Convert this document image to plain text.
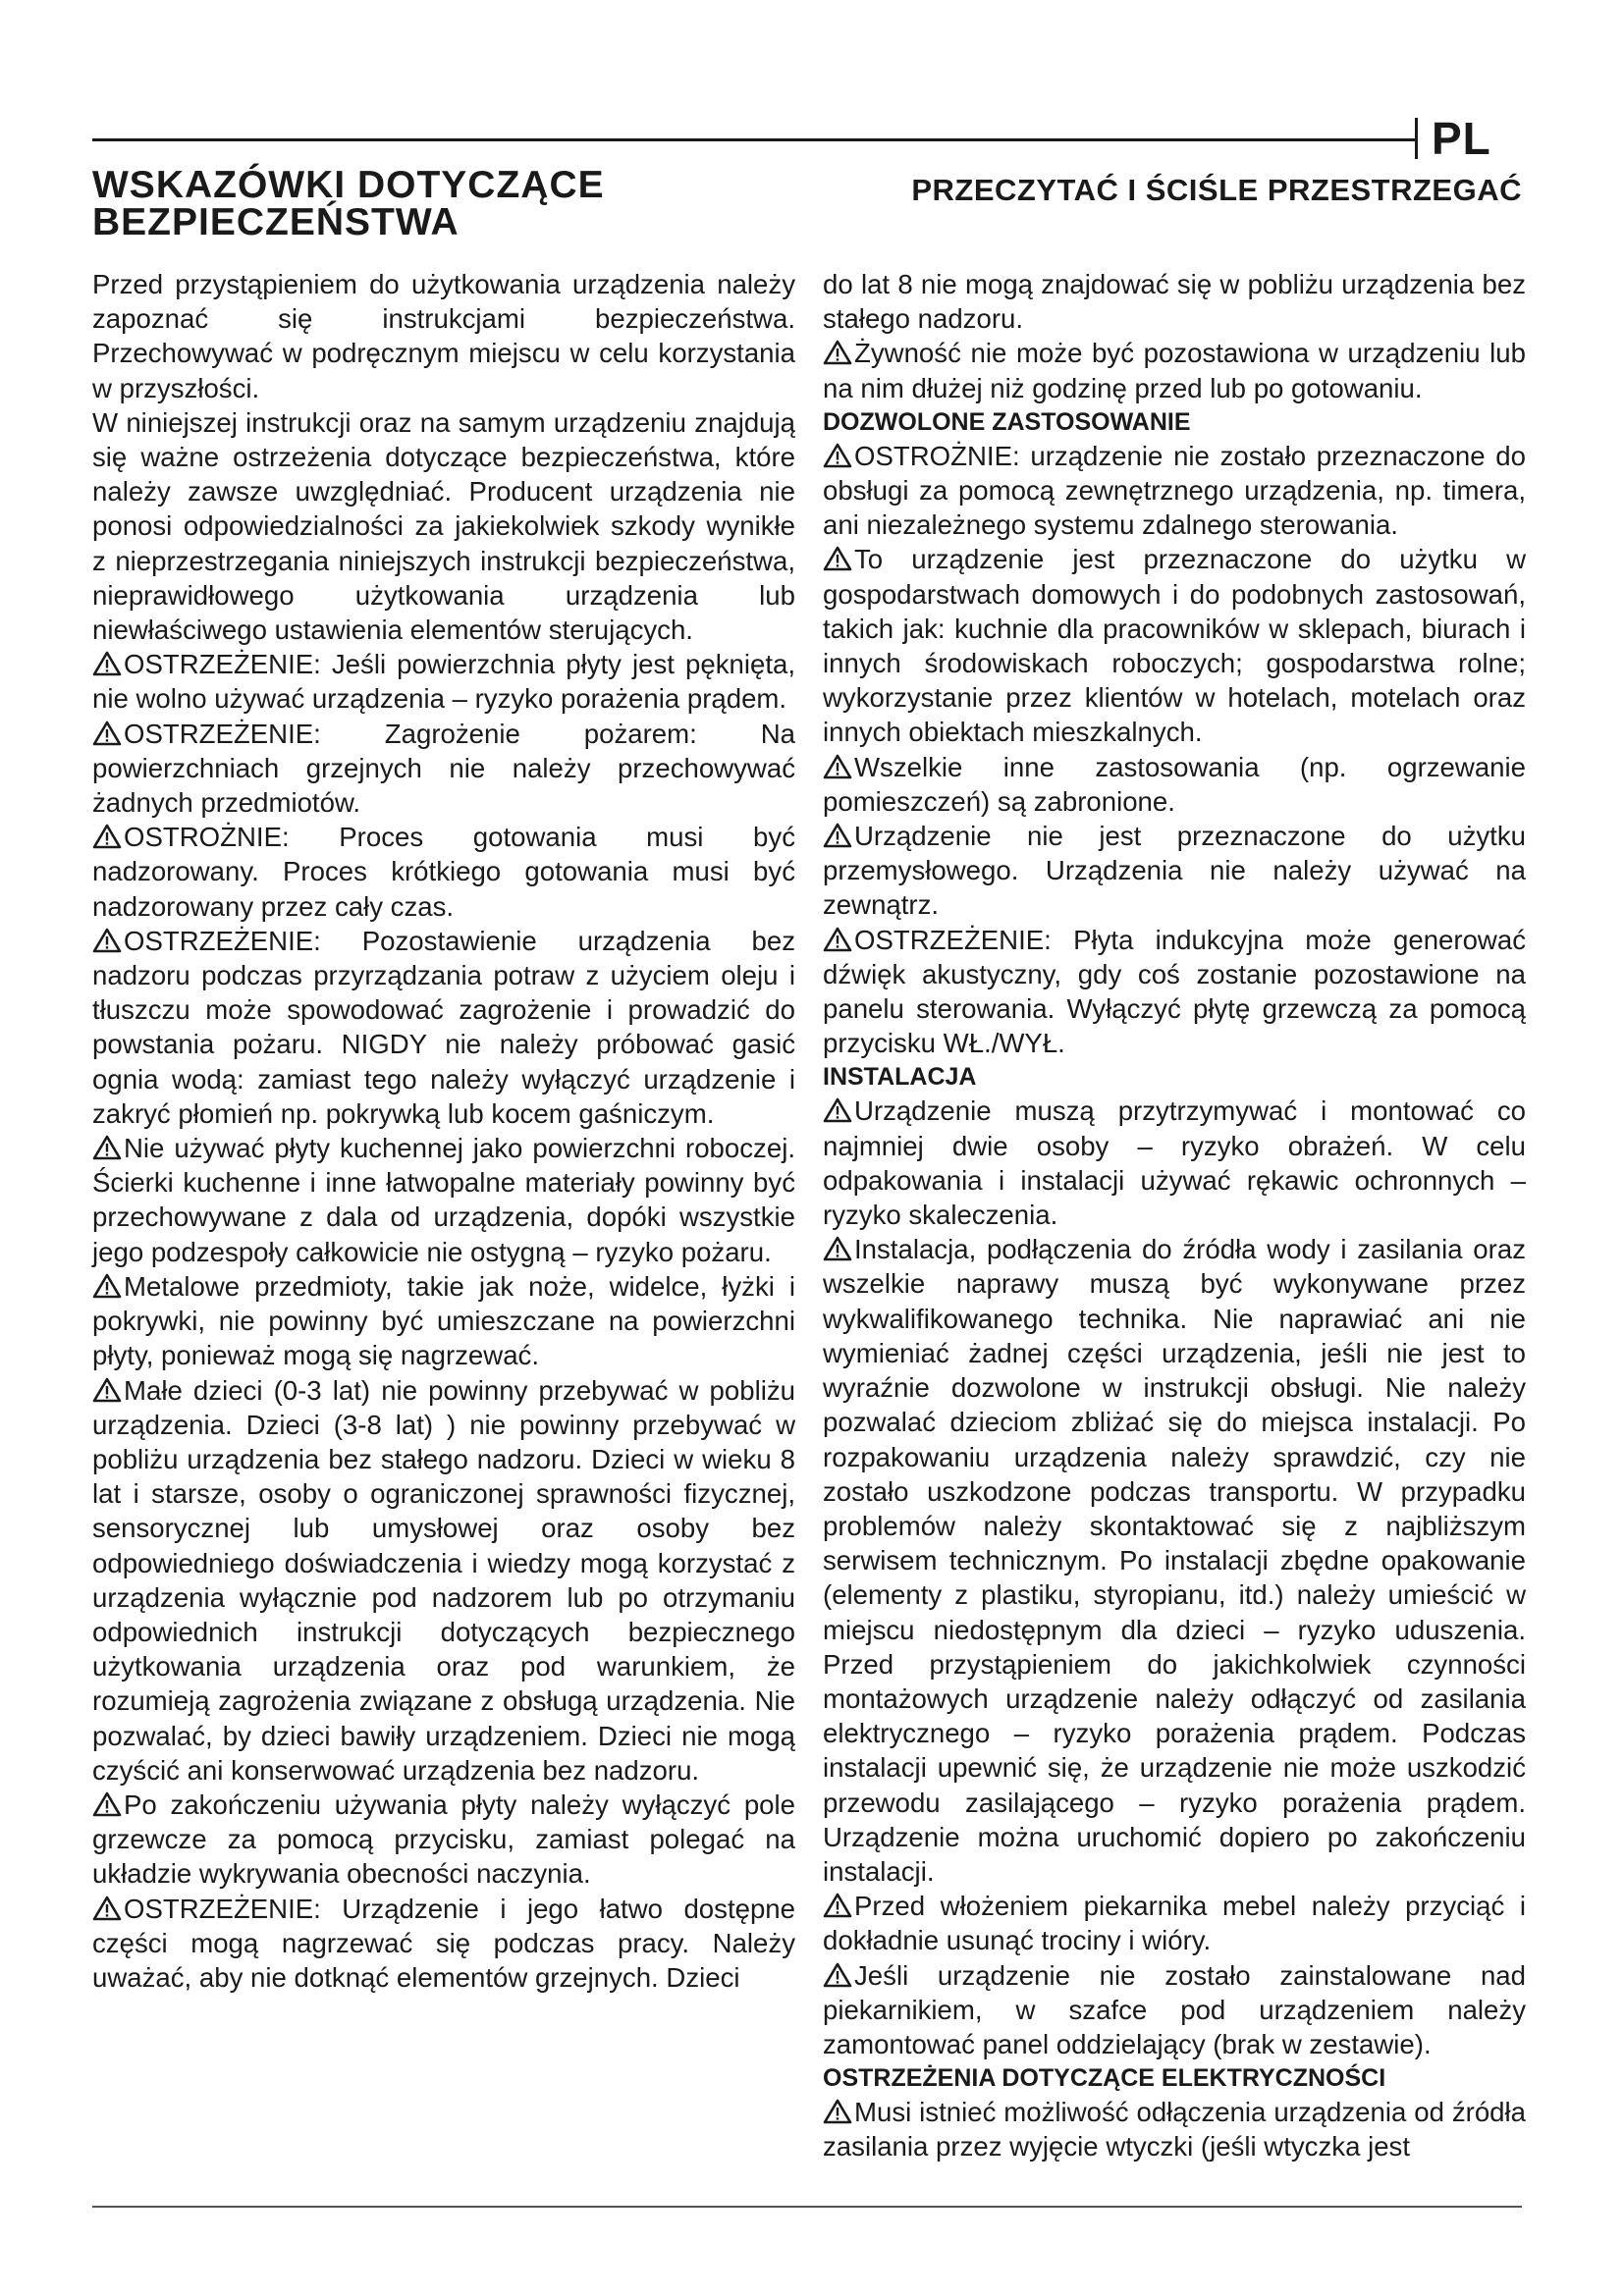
PL
WSKAZÓWKI DOTYCZĄCE BEZPIECZEŃSTWA
PRZECZYTAĆ I ŚCIŚLE PRZESTRZEGAĆ

Przed przystąpieniem do użytkowania urządzenia należy zapoznać się instrukcjami bezpieczeństwa. Przechowywać w podręcznym miejscu w celu korzystania w przyszłości.

W niniejszej instrukcji oraz na samym urządzeniu znajdują się ważne ostrzeżenia dotyczące bezpieczeństwa, które należy zawsze uwzględniać. Producent urządzenia nie ponosi odpowiedzialności za jakiekolwiek szkody wynikłe z nieprzestrzegania niniejszych instrukcji bezpieczeństwa, nieprawidłowego użytkowania urządzenia lub niewłaściwego ustawienia elementów sterujących.

OSTRZEŻENIE: Jeśli powierzchnia płyty jest pęknięta, nie wolno używać urządzenia – ryzyko porażenia prądem.

OSTRZEŻENIE: Zagrożenie pożarem: Na powierzchniach grzejnych nie należy przechowywać żadnych przedmiotów.

OSTROŻNIE: Proces gotowania musi być nadzorowany. Proces krótkiego gotowania musi być nadzorowany przez cały czas.

OSTRZEŻENIE: Pozostawienie urządzenia bez nadzoru podczas przyrządzania potraw z użyciem oleju i tłuszczu może spowodować zagrożenie i prowadzić do powstania pożaru. NIGDY nie należy próbować gasić ognia wodą: zamiast tego należy wyłączyć urządzenie i zakryć płomień np. pokrywką lub kocem gaśniczym.

Nie używać płyty kuchennej jako powierzchni roboczej. Ścierki kuchenne i inne łatwopalne materiały powinny być przechowywane z dala od urządzenia, dopóki wszystkie jego podzespoły całkowicie nie ostygną – ryzyko pożaru.

Metalowe przedmioty, takie jak noże, widelce, łyżki i pokrywki, nie powinny być umieszczane na powierzchni płyty, ponieważ mogą się nagrzewać.

Małe dzieci (0-3 lat) nie powinny przebywać w pobliżu urządzenia. Dzieci (3-8 lat) ) nie powinny przebywać w pobliżu urządzenia bez stałego nadzoru. Dzieci w wieku 8 lat i starsze, osoby o ograniczonej sprawności fizycznej, sensorycznej lub umysłowej oraz osoby bez odpowiedniego doświadczenia i wiedzy mogą korzystać z urządzenia wyłącznie pod nadzorem lub po otrzymaniu odpowiednich instrukcji dotyczących bezpiecznego użytkowania urządzenia oraz pod warunkiem, że rozumieją zagrożenia związane z obsługą urządzenia. Nie pozwalać, by dzieci bawiły urządzeniem. Dzieci nie mogą czyścić ani konserwować urządzenia bez nadzoru.

Po zakończeniu używania płyty należy wyłączyć pole grzewcze za pomocą przycisku, zamiast polegać na układzie wykrywania obecności naczynia.

OSTRZEŻENIE: Urządzenie i jego łatwo dostępne części mogą nagrzewać się podczas pracy. Należy uważać, aby nie dotknąć elementów grzejnych. Dzieci

do lat 8 nie mogą znajdować się w pobliżu urządzenia bez stałego nadzoru.

Żywność nie może być pozostawiona w urządzeniu lub na nim dłużej niż godzinę przed lub po gotowaniu.

DOZWOLONE ZASTOSOWANIE

OSTROŻNIE: urządzenie nie zostało przeznaczone do obsługi za pomocą zewnętrznego urządzenia, np. timera, ani niezależnego systemu zdalnego sterowania.

To urządzenie jest przeznaczone do użytku w gospodarstwach domowych i do podobnych zastosowań, takich jak: kuchnie dla pracowników w sklepach, biurach i innych środowiskach roboczych; gospodarstwa rolne; wykorzystanie przez klientów w hotelach, motelach oraz innych obiektach mieszkalnych.

Wszelkie inne zastosowania (np. ogrzewanie pomieszczeń) są zabronione.

Urządzenie nie jest przeznaczone do użytku przemysłowego. Urządzenia nie należy używać na zewnątrz.

OSTRZEŻENIE: Płyta indukcyjna może generować dźwięk akustyczny, gdy coś zostanie pozostawione na panelu sterowania. Wyłączyć płytę grzewczą za pomocą przycisku WŁ./WYŁ.

INSTALACJA

Urządzenie muszą przytrzymywać i montować co najmniej dwie osoby – ryzyko obrażeń. W celu odpakowania i instalacji używać rękawic ochronnych – ryzyko skaleczenia.

Instalacja, podłączenia do źródła wody i zasilania oraz wszelkie naprawy muszą być wykonywane przez wykwalifikowanego technika. Nie naprawiać ani nie wymieniać żadnej części urządzenia, jeśli nie jest to wyraźnie dozwolone w instrukcji obsługi. Nie należy pozwalać dzieciom zbliżać się do miejsca instalacji. Po rozpakowaniu urządzenia należy sprawdzić, czy nie zostało uszkodzone podczas transportu. W przypadku problemów należy skontaktować się z najbliższym serwisem technicznym. Po instalacji zbędne opakowanie (elementy z plastiku, styropianu, itd.) należy umieścić w miejscu niedostępnym dla dzieci – ryzyko uduszenia. Przed przystąpieniem do jakichkolwiek czynności montażowych urządzenie należy odłączyć od zasilania elektrycznego – ryzyko porażenia prądem. Podczas instalacji upewnić się, że urządzenie nie może uszkodzić przewodu zasilającego – ryzyko porażenia prądem. Urządzenie można uruchomić dopiero po zakończeniu instalacji.

Przed włożeniem piekarnika mebel należy przyciąć i dokładnie usunąć trociny i wióry.

Jeśli urządzenie nie zostało zainstalowane nad piekarnikiem, w szafce pod urządzeniem należy zamontować panel oddzielający (brak w zestawie).

OSTRZEŻENIA DOTYCZĄCE ELEKTRYCZNOŚCI

Musi istnieć możliwość odłączenia urządzenia od źródła zasilania przez wyjęcie wtyczki (jeśli wtyczka jest
